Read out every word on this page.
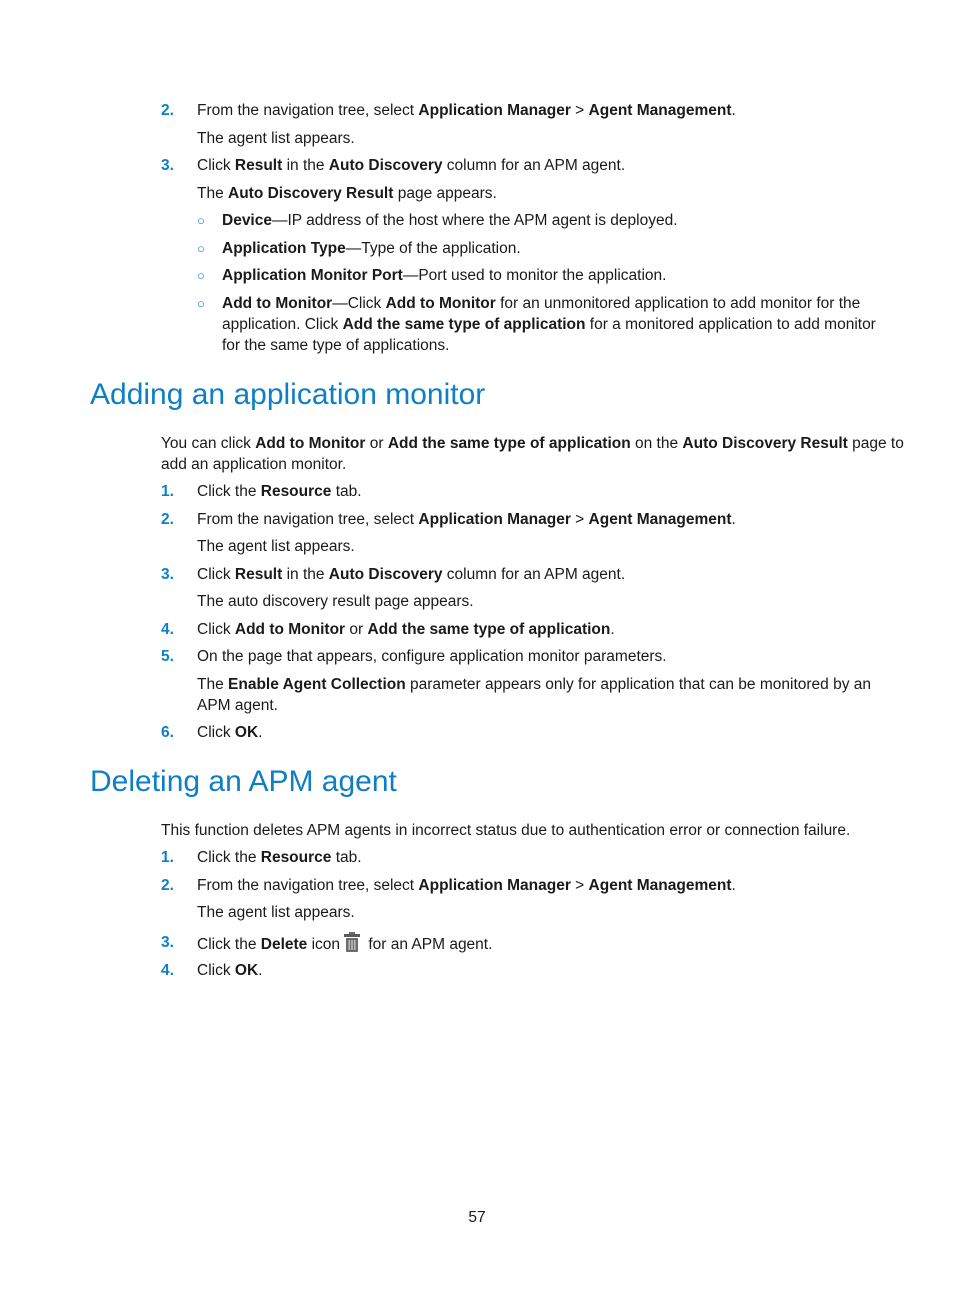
2. From the navigation tree, select Application Manager > Agent Management.
The agent list appears.
3. Click Result in the Auto Discovery column for an APM agent.
The Auto Discovery Result page appears.
○ Device—IP address of the host where the APM agent is deployed.
○ Application Type—Type of the application.
○ Application Monitor Port—Port used to monitor the application.
○ Add to Monitor—Click Add to Monitor for an unmonitored application to add monitor for the
application. Click Add the same type of application for a monitored application to add monitor
for the same type of applications.
Adding an application monitor
You can click Add to Monitor or Add the same type of application on the Auto Discovery Result page to
add an application monitor.
1. Click the Resource tab.
2. From the navigation tree, select Application Manager > Agent Management.
The agent list appears.
3. Click Result in the Auto Discovery column for an APM agent.
The auto discovery result page appears.
4. Click Add to Monitor or Add the same type of application.
5. On the page that appears, configure application monitor parameters.
The Enable Agent Collection parameter appears only for application that can be monitored by an
APM agent.
6. Click OK.
Deleting an APM agent
This function deletes APM agents in incorrect status due to authentication error or connection failure.
1. Click the Resource tab.
2. From the navigation tree, select Application Manager > Agent Management.
The agent list appears.
3. Click the Delete icon for an APM agent.
4. Click OK.
57
